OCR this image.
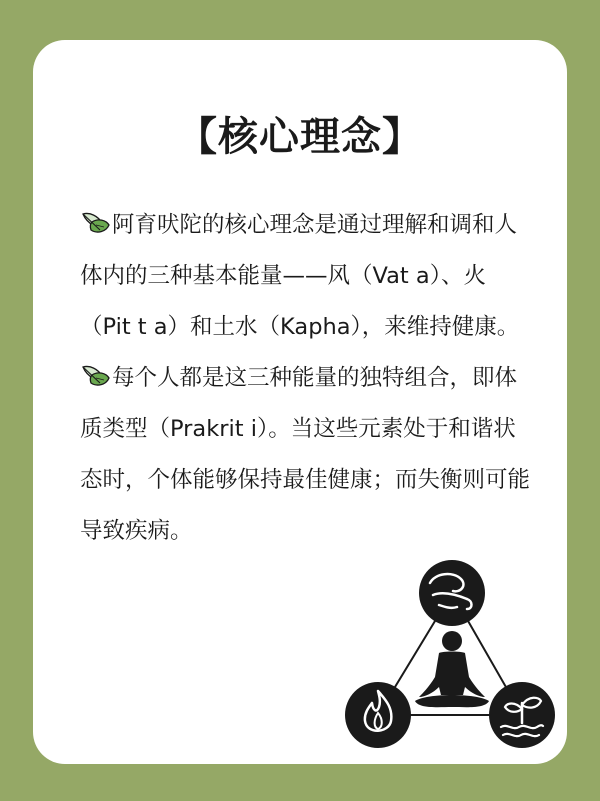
【核心理念】

阿育吠陀的核心理念是通过理解和调和人体内的三种基本能量——风（Vat a）、火（Pit t a）和土水（Kapha），来维持健康。

每个人都是这三种能量的独特组合，即体质类型（Prakrit i）。当这些元素处于和谐状态时，个体能够保持最佳健康；而失衡则可能导致疾病。
